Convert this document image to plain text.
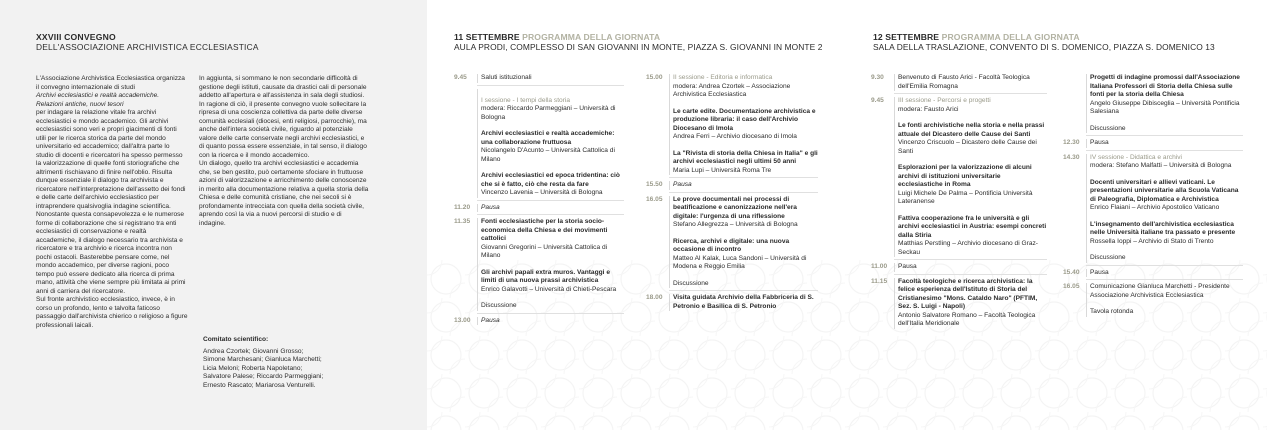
XXVIII CONVEGNO
DELL'ASSOCIAZIONE ARCHIVISTICA ECCLESIASTICA

L'Associazione Archivistica Ecclesiastica organizza il convegno internazionale di studi

Archivi ecclesiastici e realtà accademiche. Relazioni antiche, nuovi tesori

per indagare la relazione vitale fra archivi ecclesiastici e mondo accademico. Gli archivi ecclesiastici sono veri e propri giacimenti di fonti utili per le ricerca storica da parte del mondo universitario ed accademico; dall'altra parte lo studio di docenti e ricercatori ha spesso permesso la valorizzazione di quelle fonti storiografiche che altrimenti rischiavano di finire nell'oblio. Risulta dunque essenziale il dialogo tra archivista e ricercatore nell'interpretazione dell'assetto dei fondi e delle carte dell'archivio ecclesiastico per intraprendere qualsivoglia indagine scientifica. Nonostante questa consapevolezza e le numerose forme di collaborazione che si registrano tra enti ecclesiastici di conservazione e realtà accademiche, il dialogo necessario tra archivista e ricercatore e tra archivio e ricerca incontra non pochi ostacoli. Basterebbe pensare come, nel mondo accademico, per diverse ragioni, poco tempo può essere dedicato alla ricerca di prima mano, attività che viene sempre più limitata ai primi anni di carriera del ricercatore.

Sul fronte archivistico ecclesiastico, invece, è in corso un profondo, lento e talvolta faticoso passaggio dall'archivista chierico o religioso a figure professionali laicali.

In aggiunta, si sommano le non secondarie difficoltà di gestione degli istituti, causate da drastici cali di personale addetto all'apertura e all'assistenza in sala degli studiosi.

In ragione di ciò, il presente convegno vuole sollecitare la ripresa di una coscienza collettiva da parte delle diverse comunità ecclesiali (diocesi, enti religiosi, parrocchie), ma anche dell'intera società civile, riguardo al potenziale valore delle carte conservate negli archivi ecclesiastici, e di quanto possa essere essenziale, in tal senso, il dialogo con la ricerca e il mondo accademico.

Un dialogo, quello tra archivi ecclesiastici e accademia che, se ben gestito, può certamente sfociare in fruttuose azioni di valorizzazione e arricchimento delle conoscenze in merito alla documentazione relativa a quella storia della Chiesa e delle comunità cristiane, che nei secoli si è profondamente intrecciata con quella della società civile, aprendo così la via a nuovi percorsi di studio e di indagine.

Comitato scientifico:
Andrea Czortek; Giovanni Grosso;
Simone Marchesani; Gianluca Marchetti;
Licia Meloni; Roberta Napoletano;
Salvatore Palese; Riccardo Parmeggiani;
Ernesto Rascato; Mariarosa Venturelli.
11 SETTEMBRE PROGRAMMA DELLA GIORNATA
AULA PRODI, COMPLESSO DI SAN GIOVANNI IN MONTE, PIAZZA S. GIOVANNI IN MONTE 2
12 SETTEMBRE PROGRAMMA DELLA GIORNATA
SALA DELLA TRASLAZIONE, CONVENTO DI S. DOMENICO, PIAZZA S. DOMENICO 13
9.45 Saluti istituzionali
I sessione - I tempi della storia
modera: Riccardo Parmeggiani – Università di Bologna
Archivi ecclesiastici e realtà accademiche: una collaborazione fruttuosa
Nicolangelo D'Acunto – Università Cattolica di Milano
Archivi ecclesiastici ed epoca tridentina: ciò che si è fatto, ciò che resta da fare
Vincenzo Lavenia – Università di Bologna
11.20 Pausa
11.35 Fonti ecclesiastiche per la storia socio-economica della Chiesa e dei movimenti cattolici
Giovanni Gregorini – Università Cattolica di Milano
Gli archivi papali extra muros. Vantaggi e limiti di una nuova prassi archivistica
Enrico Galavotti – Università di Chieti-Pescara
Discussione
13.00 Pausa
15.00 II sessione - Editoria e informatica
modera: Andrea Czortek – Associazione Archivistica Ecclesiastica
Le carte edite. Documentazione archivistica e produzione libraria: il caso dell'Archivio Diocesano di Imola
Andrea Ferri – Archivio diocesano di Imola
La "Rivista di storia della Chiesa in Italia" e gli archivi ecclesiastici negli ultimi 50 anni
Maria Lupi – Università Roma Tre
15.50 Pausa
16.05 Le prove documentali nei processi di beatificazione e canonizzazione nell'era digitale: l'urgenza di una riflessione
Stefano Allegrezza – Università di Bologna
Ricerca, archivi e digitale: una nuova occasione di incontro
Matteo Al Kalak, Luca Sandoni – Università di Modena e Reggio Emilia
Discussione
18.00 Visita guidata Archivio della Fabbriceria di S. Petronio e Basilica di S. Petronio
9.30 Benvenuto di Fausto Arici - Facoltà Teologica dell'Emilia Romagna
9.45 III sessione - Percorsi e progetti
modera: Fausto Arici
Le fonti archivistiche nella storia e nella prassi attuale del Dicastero delle Cause dei Santi
Vincenzo Criscuolo – Dicastero delle Cause dei Santi
Esplorazioni per la valorizzazione di alcuni archivi di istituzioni universitarie ecclesiastiche in Roma
Luigi Michele De Palma – Pontificia Università Lateranense
Fattiva cooperazione fra le università e gli archivi ecclesiastici in Austria: esempi concreti dalla Stiria
Matthias Perstling – Archivio diocesano di Graz-Seckau
11.00 Pausa
11.15 Facoltà teologiche e ricerca archivistica: la felice esperienza dell'Istituto di Storia del Cristianesimo "Mons. Cataldo Naro" (PFTIM, Sez. S. Luigi - Napoli)
Antonio Salvatore Romano – Facoltà Teologica dell'Italia Meridionale
Progetti di indagine promossi dall'Associazione Italiana Professori di Storia della Chiesa sulle fonti per la storia della Chiesa
Angelo Giuseppe Dibisceglia – Università Pontificia Salesiana
Discussione
12.30 Pausa
14.30 IV sessione - Didattica e archivi
modera: Stefano Malfatti – Università di Bologna
Docenti universitari e allievi vaticani. Le presentazioni universitarie alla Scuola Vaticana di Paleografia, Diplomatica e Archivistica
Enrico Flaiani – Archivio Apostolico Vaticano
L'insegnamento dell'archivistica ecclesiastica nelle Università italiane tra passato e presente
Rossella Ioppi – Archivio di Stato di Trento
Discussione
15.40 Pausa
16.05 Comunicazione Gianluca Marchetti - Presidente Associazione Archivistica Ecclesiastica
Tavola rotonda
